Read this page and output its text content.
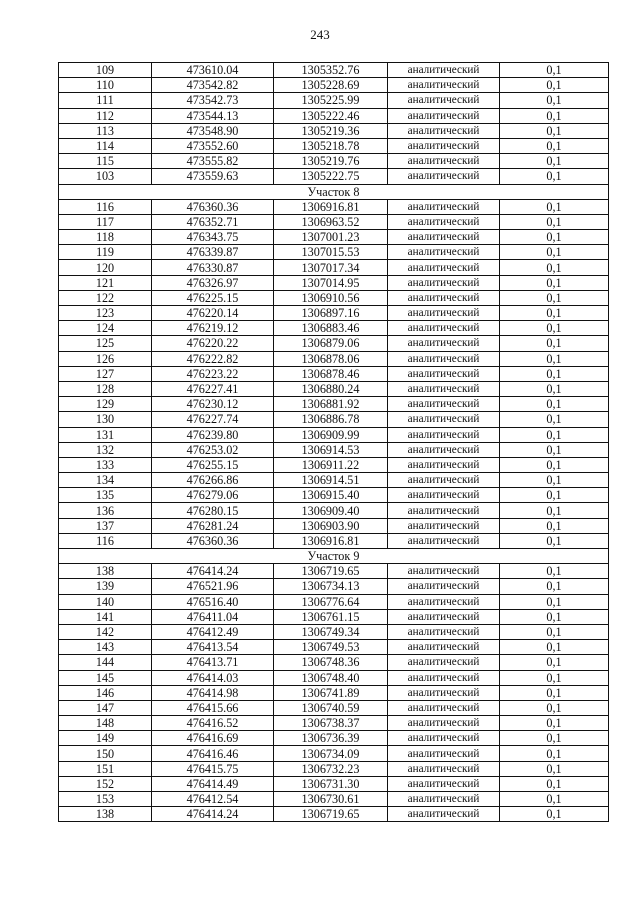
243
109	473610.04	1305352.76	аналитический	0,1
110	473542.82	1305228.69	аналитический	0,1
111	473542.73	1305225.99	аналитический	0,1
112	473544.13	1305222.46	аналитический	0,1
113	473548.90	1305219.36	аналитический	0,1
114	473552.60	1305218.78	аналитический	0,1
115	473555.82	1305219.76	аналитический	0,1
103	473559.63	1305222.75	аналитический	0,1
Участок 8				
116	476360.36	1306916.81	аналитический	0,1
117	476352.71	1306963.52	аналитический	0,1
118	476343.75	1307001.23	аналитический	0,1
119	476339.87	1307015.53	аналитический	0,1
120	476330.87	1307017.34	аналитический	0,1
121	476326.97	1307014.95	аналитический	0,1
122	476225.15	1306910.56	аналитический	0,1
123	476220.14	1306897.16	аналитический	0,1
124	476219.12	1306883.46	аналитический	0,1
125	476220.22	1306879.06	аналитический	0,1
126	476222.82	1306878.06	аналитический	0,1
127	476223.22	1306878.46	аналитический	0,1
128	476227.41	1306880.24	аналитический	0,1
129	476230.12	1306881.92	аналитический	0,1
130	476227.74	1306886.78	аналитический	0,1
131	476239.80	1306909.99	аналитический	0,1
132	476253.02	1306914.53	аналитический	0,1
133	476255.15	1306911.22	аналитический	0,1
134	476266.86	1306914.51	аналитический	0,1
135	476279.06	1306915.40	аналитический	0,1
136	476280.15	1306909.40	аналитический	0,1
137	476281.24	1306903.90	аналитический	0,1
116	476360.36	1306916.81	аналитический	0,1
Участок 9				
138	476414.24	1306719.65	аналитический	0,1
139	476521.96	1306734.13	аналитический	0,1
140	476516.40	1306776.64	аналитический	0,1
141	476411.04	1306761.15	аналитический	0,1
142	476412.49	1306749.34	аналитический	0,1
143	476413.54	1306749.53	аналитический	0,1
144	476413.71	1306748.36	аналитический	0,1
145	476414.03	1306748.40	аналитический	0,1
146	476414.98	1306741.89	аналитический	0,1
147	476415.66	1306740.59	аналитический	0,1
148	476416.52	1306738.37	аналитический	0,1
149	476416.69	1306736.39	аналитический	0,1
150	476416.46	1306734.09	аналитический	0,1
151	476415.75	1306732.23	аналитический	0,1
152	476414.49	1306731.30	аналитический	0,1
153	476412.54	1306730.61	аналитический	0,1
138	476414.24	1306719.65	аналитический	0,1
